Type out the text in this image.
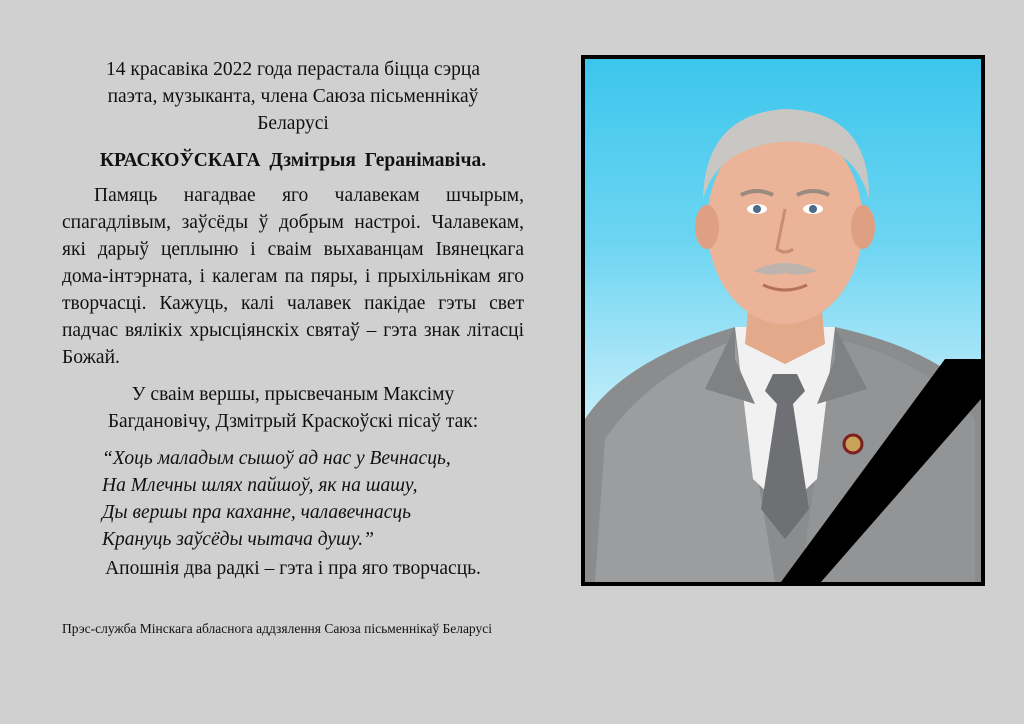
14 красавіка 2022 года перастала біцца сэрца
паэта, музыканта, члена Саюза пісьменнікаў
Беларусі

КРАСКОЎСКАГА Дзмітрыя Геранімавіча.

Памяць нагадвае яго чалавекам шчырым, спагадлівым, заўсёды ў добрым настроі. Чалавекам, які дарыў цеплыню і сваім выхаванцам Івянецкага дома-інтэрната, і калегам па пяры, і прыхільнікам яго творчасці. Кажуць, калі чалавек пакідае гэты свет падчас вялікіх хрысціянскіх святаў – гэта знак літасці Божай.

У сваім вершы, прысвечаным Максіму
Багдановічу, Дзмітрый Краскоўскі пісаў так:

“Хоць маладым сышоў ад нас у Вечнасць,
На Млечны шлях пайшоў, як на шашу,
Ды вершы пра каханне, чалавечнасць
Крануць заўсёды чытача душу.”

Апошнія два радкі – гэта і пра яго творчасць.

Прэс-служба Мінскага абласнога аддзялення Саюза пісьменнікаў Беларусі
